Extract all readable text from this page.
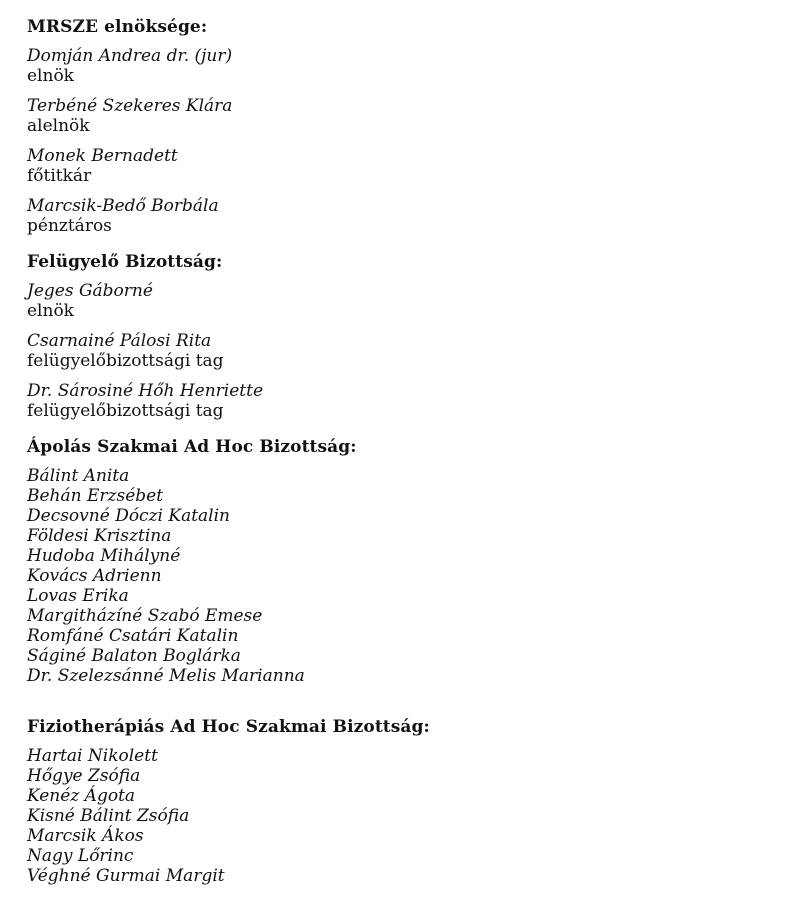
MRSZE elnöksége:
Domján Andrea dr. (jur)
elnök
Terbéné Szekeres Klára
alelnök
Monek Bernadett
főtitkár
Marcsik-Bedő Borbála
pénztáros
Felügyelő Bizottság:
Jeges Gáborné
elnök
Csarnainé Pálosi Rita
felügyelőbizottsági tag
Dr. Sárosiné Hőh Henriette
felügyelőbizottsági tag
Ápolás Szakmai Ad Hoc Bizottság:
Bálint Anita
Behán Erzsébet
Decsovné Dóczi Katalin
Földesi Krisztina
Hudoba Mihályné
Kovács Adrienn
Lovas Erika
Margitházíné Szabó Emese
Romfáné Csatári Katalin
Ságiné Balaton Boglárka
Dr. Szelezsánné Melis Marianna
Fiziotherápiás Ad Hoc Szakmai Bizottság:
Hartai Nikolett
Hőgye Zsófia
Kenéz Ágota
Kisné Bálint Zsófia
Marcsik Ákos
Nagy Lőrinc
Véghné Gurmai Margit
